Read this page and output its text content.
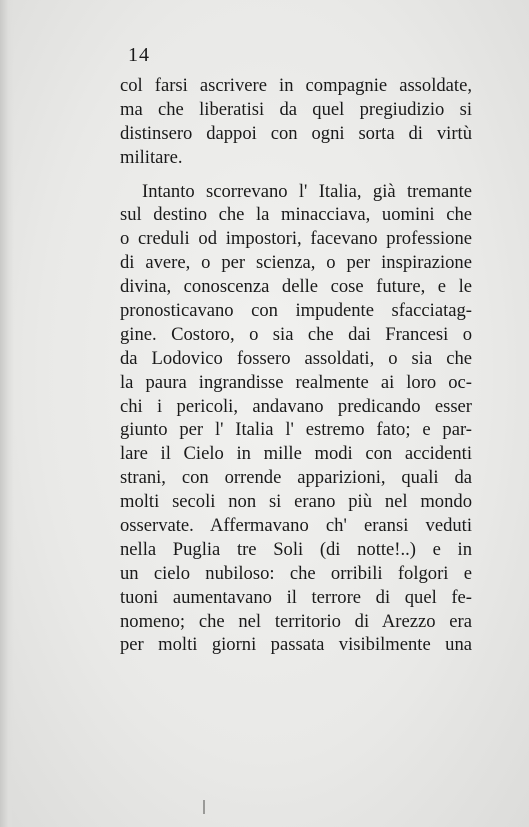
14
col farsi ascrivere in compagnie assoldate,
ma che liberatisi da quel pregiudizio si
distinsero dappoi con ogni sorta di virtù
militare.
Intanto scorrevano l' Italia, già tremante
sul destino che la minacciava, uomini che
o creduli od impostori, facevano professione
di avere, o per scienza, o per inspirazione
divina, conoscenza delle cose future, e le
pronosticavano con impudente sfacciatag-
gine. Costoro, o sia che dai Francesi o
da Lodovico fossero assoldati, o sia che
la paura ingrandisse realmente ai loro oc-
chi i pericoli, andavano predicando esser
giunto per l' Italia l' estremo fato; e par-
lare il Cielo in mille modi con accidenti
strani, con orrende apparizioni, quali da
molti secoli non si erano più nel mondo
osservate. Affermavano ch' eransi veduti
nella Puglia tre Soli (di notte!..) e in
un cielo nubiloso: che orribili folgori e
tuoni aumentavano il terrore di quel fe-
nomeno; che nel territorio di Arezzo era
per molti giorni passata visibilmente una
